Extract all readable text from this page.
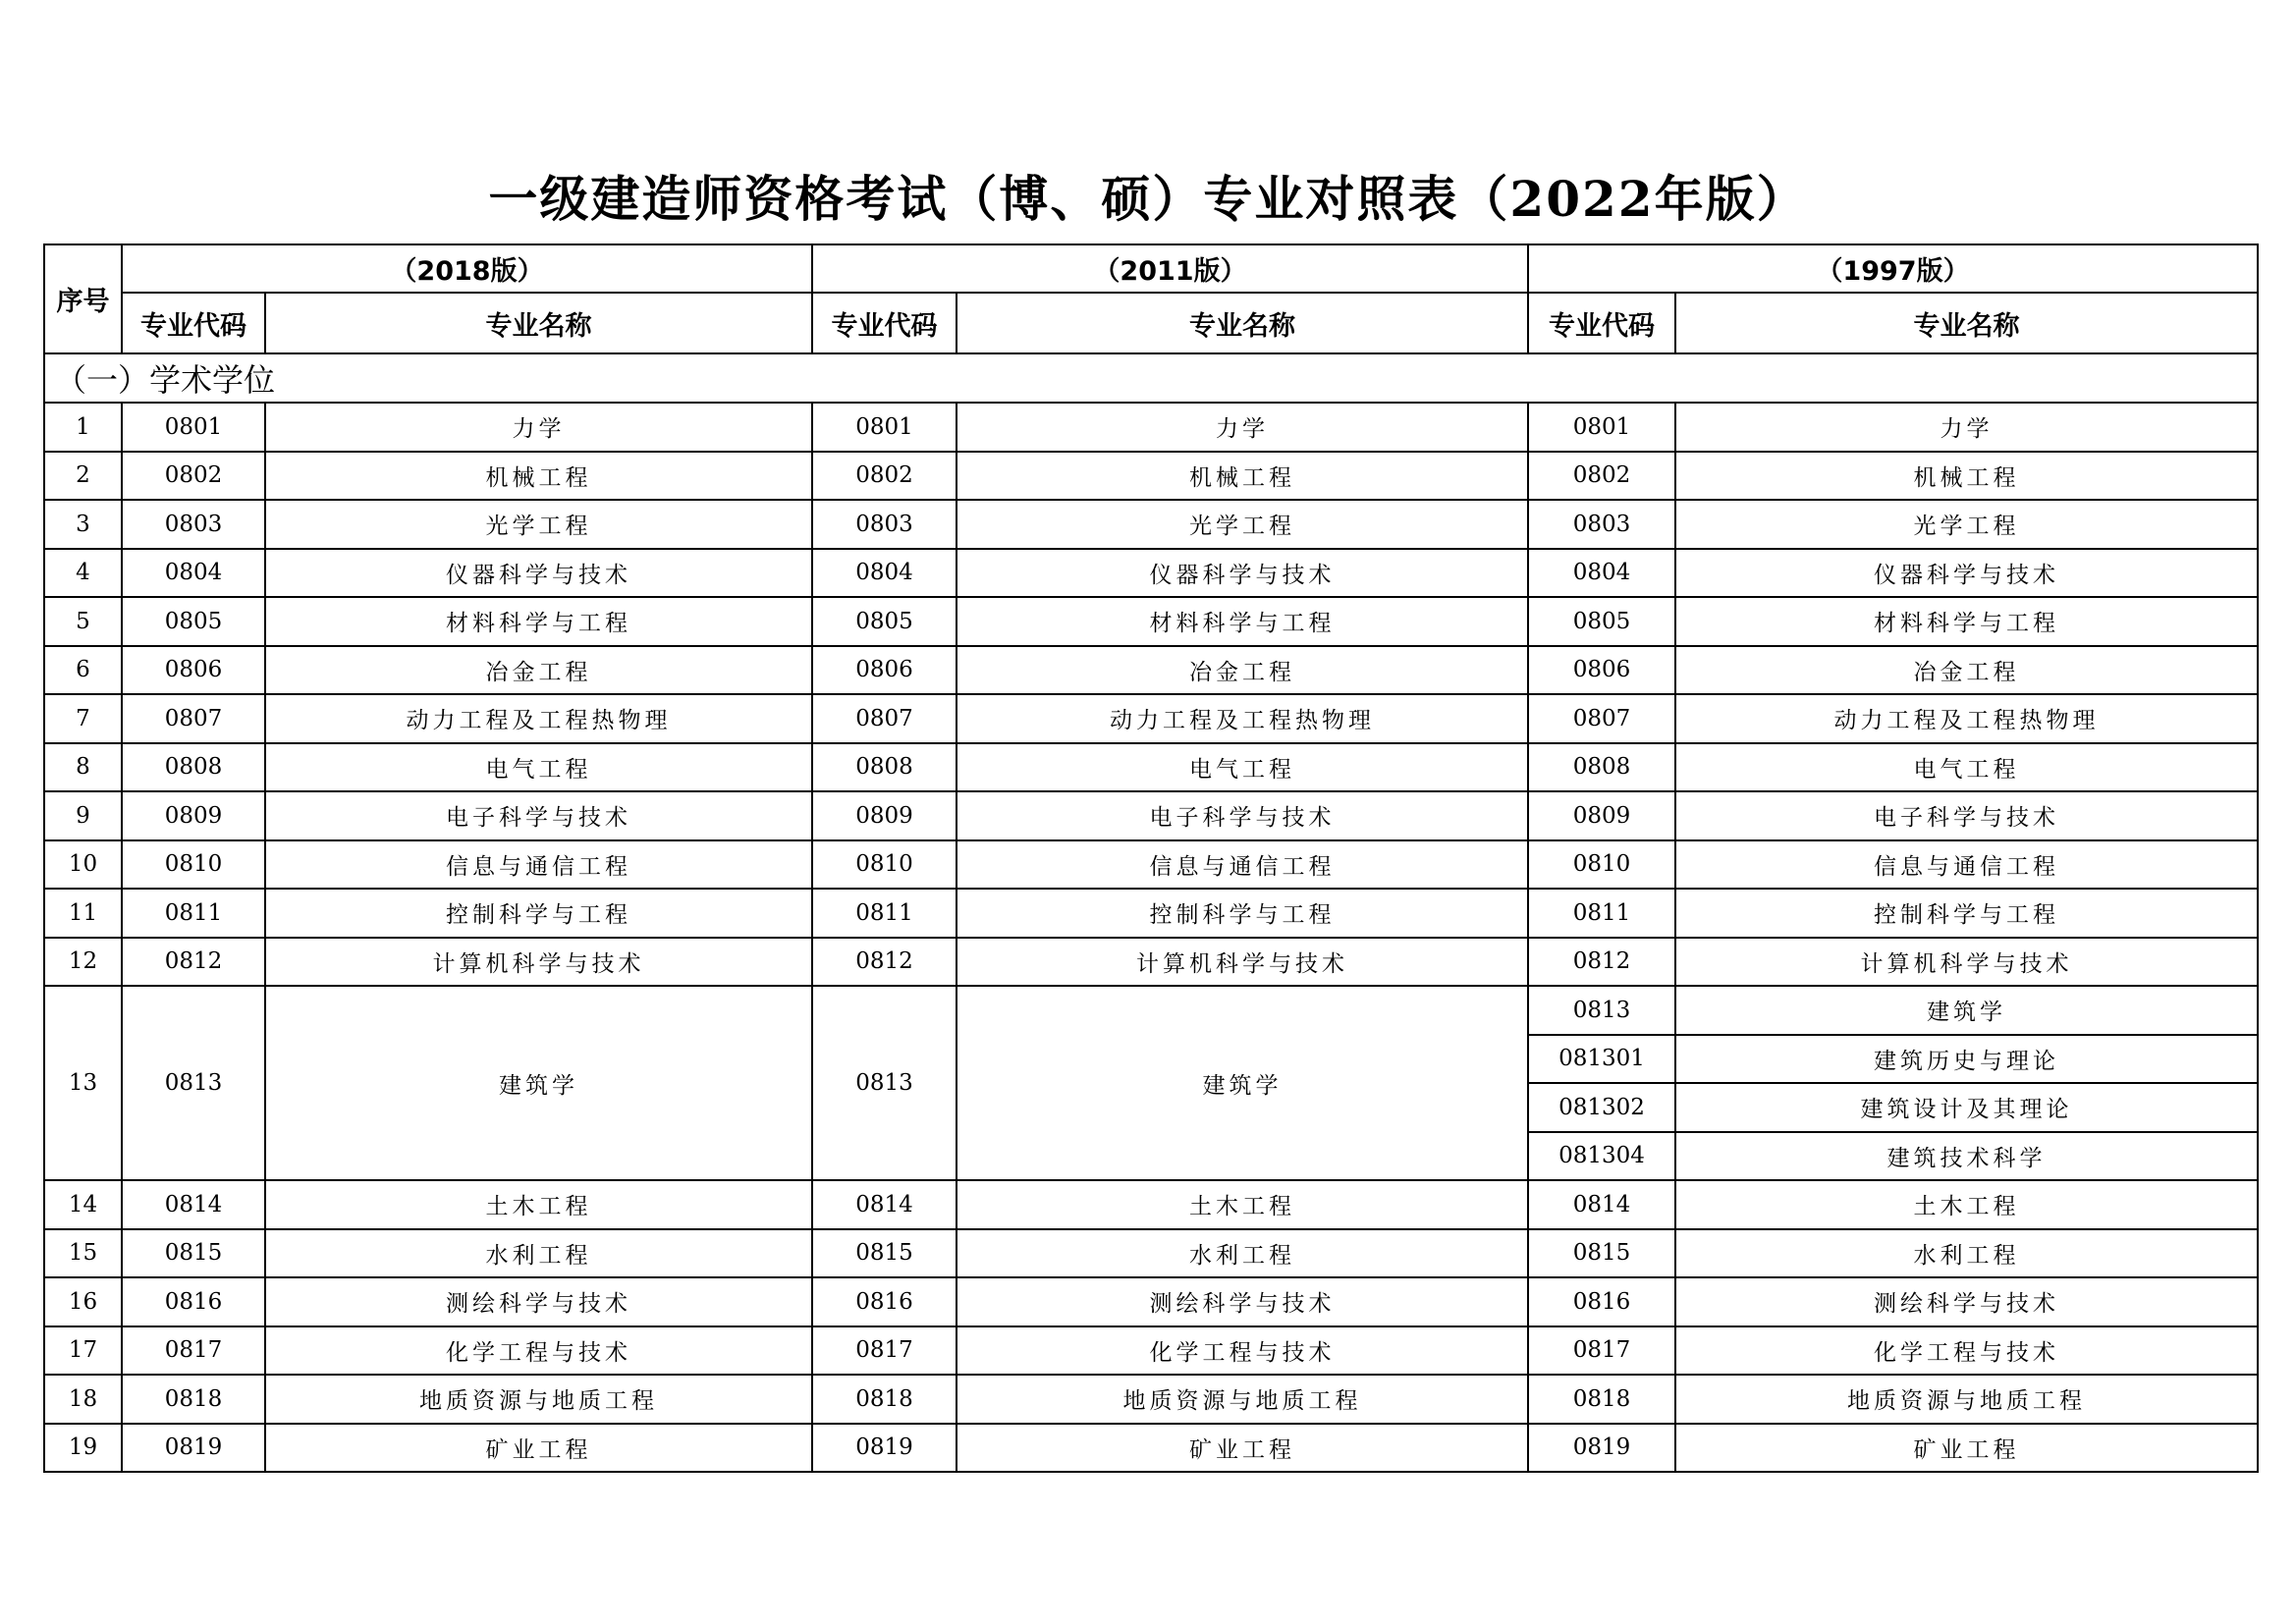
一级建造师资格考试（博、硕）专业对照表（2022年版）
序号	（2018版）		（2011版）		（1997版）	
	专业代码	专业名称	专业代码	专业名称	专业代码	专业名称
（一）学术学位						
1	0801	力学	0801	力学	0801	力学
2	0802	机械工程	0802	机械工程	0802	机械工程
3	0803	光学工程	0803	光学工程	0803	光学工程
4	0804	仪器科学与技术	0804	仪器科学与技术	0804	仪器科学与技术
5	0805	材料科学与工程	0805	材料科学与工程	0805	材料科学与工程
6	0806	冶金工程	0806	冶金工程	0806	冶金工程
7	0807	动力工程及工程热物理	0807	动力工程及工程热物理	0807	动力工程及工程热物理
8	0808	电气工程	0808	电气工程	0808	电气工程
9	0809	电子科学与技术	0809	电子科学与技术	0809	电子科学与技术
10	0810	信息与通信工程	0810	信息与通信工程	0810	信息与通信工程
11	0811	控制科学与工程	0811	控制科学与工程	0811	控制科学与工程
12	0812	计算机科学与技术	0812	计算机科学与技术	0812	计算机科学与技术
13	0813	建筑学	0813	建筑学	0813	建筑学
					081301	建筑历史与理论
					081302	建筑设计及其理论
					081304	建筑技术科学
14	0814	土木工程	0814	土木工程	0814	土木工程
15	0815	水利工程	0815	水利工程	0815	水利工程
16	0816	测绘科学与技术	0816	测绘科学与技术	0816	测绘科学与技术
17	0817	化学工程与技术	0817	化学工程与技术	0817	化学工程与技术
18	0818	地质资源与地质工程	0818	地质资源与地质工程	0818	地质资源与地质工程
19	0819	矿业工程	0819	矿业工程	0819	矿业工程
